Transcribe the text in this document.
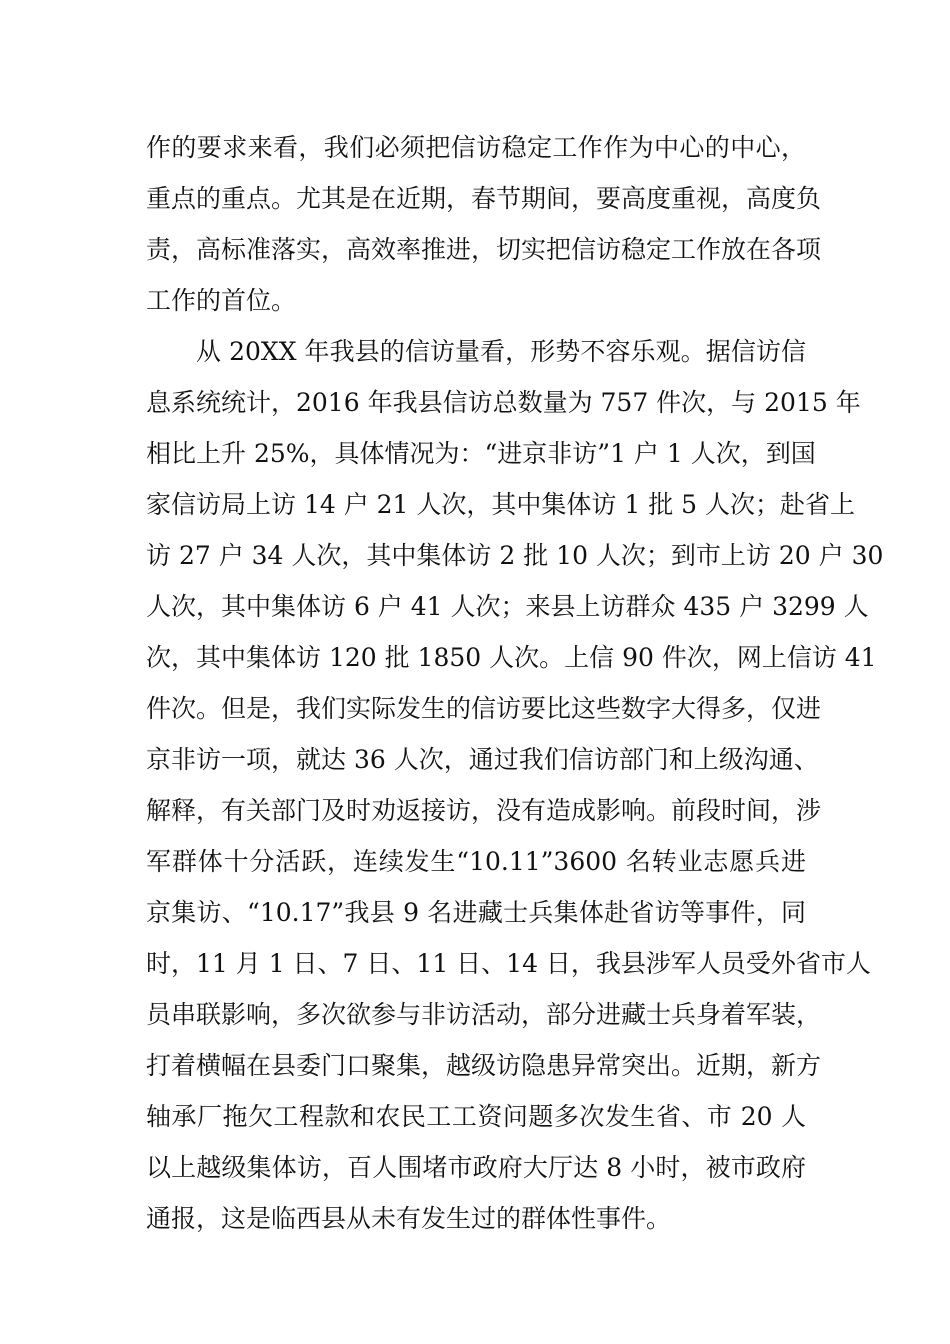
作的要求来看，我们必须把信访稳定工作作为中心的中心，
重点的重点。尤其是在近期，春节期间，要高度重视，高度负
责，高标准落实，高效率推进，切实把信访稳定工作放在各项
工作的首位。
从 20XX 年我县的信访量看，形势不容乐观。据信访信
息系统统计，2016 年我县信访总数量为 757 件次，与 2015 年
相比上升 25%，具体情况为：“进京非访”1 户 1 人次，到国
家信访局上访 14 户 21 人次，其中集体访 1 批 5 人次；赴省上
访 27 户 34 人次，其中集体访 2 批 10 人次；到市上访 20 户 30
人次，其中集体访 6 户 41 人次；来县上访群众 435 户 3299 人
次，其中集体访 120 批 1850 人次。上信 90 件次，网上信访 41
件次。但是，我们实际发生的信访要比这些数字大得多，仅进
京非访一项，就达 36 人次，通过我们信访部门和上级沟通、
解释，有关部门及时劝返接访，没有造成影响。前段时间，涉
军群体十分活跃，连续发生“10.11”3600 名转业志愿兵进
京集访、“10.17”我县 9 名进藏士兵集体赴省访等事件，同
时，11 月 1 日、7 日、11 日、14 日，我县涉军人员受外省市人
员串联影响，多次欲参与非访活动，部分进藏士兵身着军装，
打着横幅在县委门口聚集，越级访隐患异常突出。近期，新方
轴承厂拖欠工程款和农民工工资问题多次发生省、市 20 人
以上越级集体访，百人围堵市政府大厅达 8 小时，被市政府
通报，这是临西县从未有发生过的群体性事件。
